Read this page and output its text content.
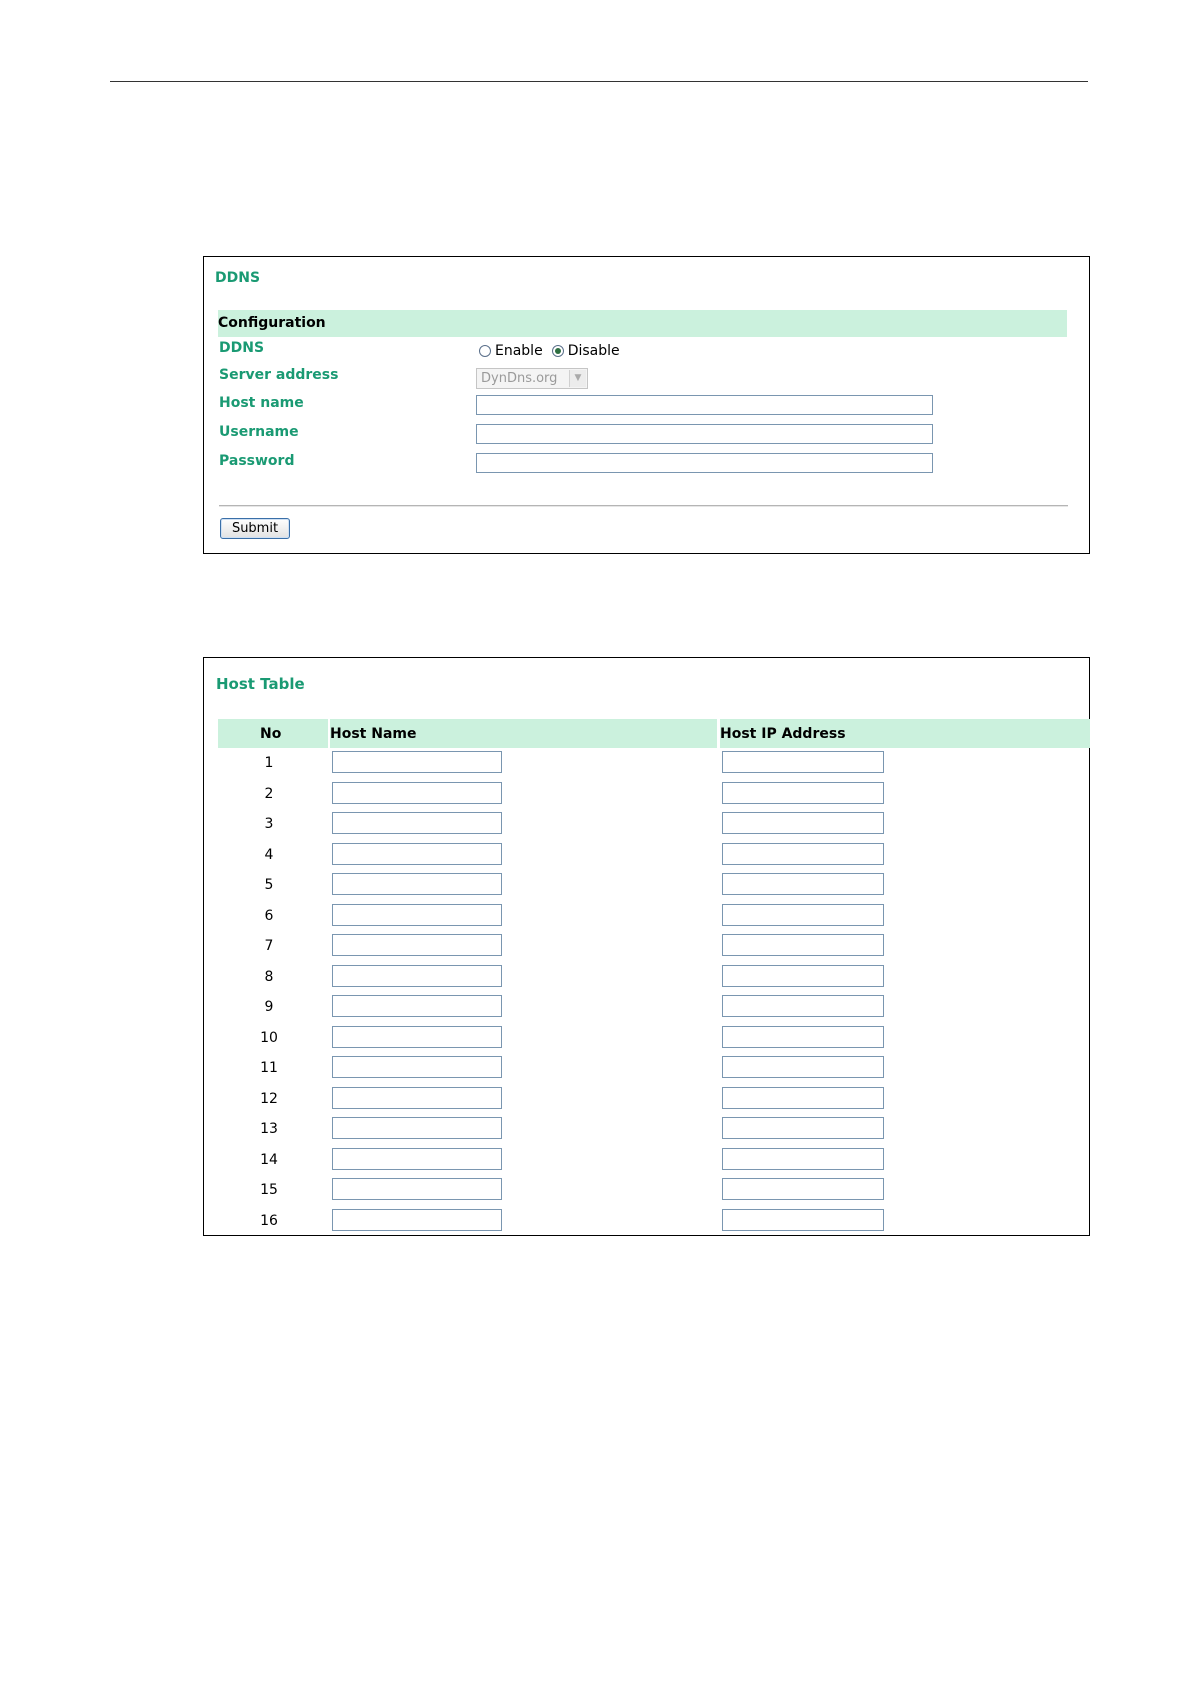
DDNS
Configuration
DDNS	Enable Disable
Server address	DynDns.org	▼
Host name
Username
Password
Submit
Host Table
No	Host Name	Host IP Address
1
2
3
4
5
6
7
8
9
10
11
12
13
14
15
16
